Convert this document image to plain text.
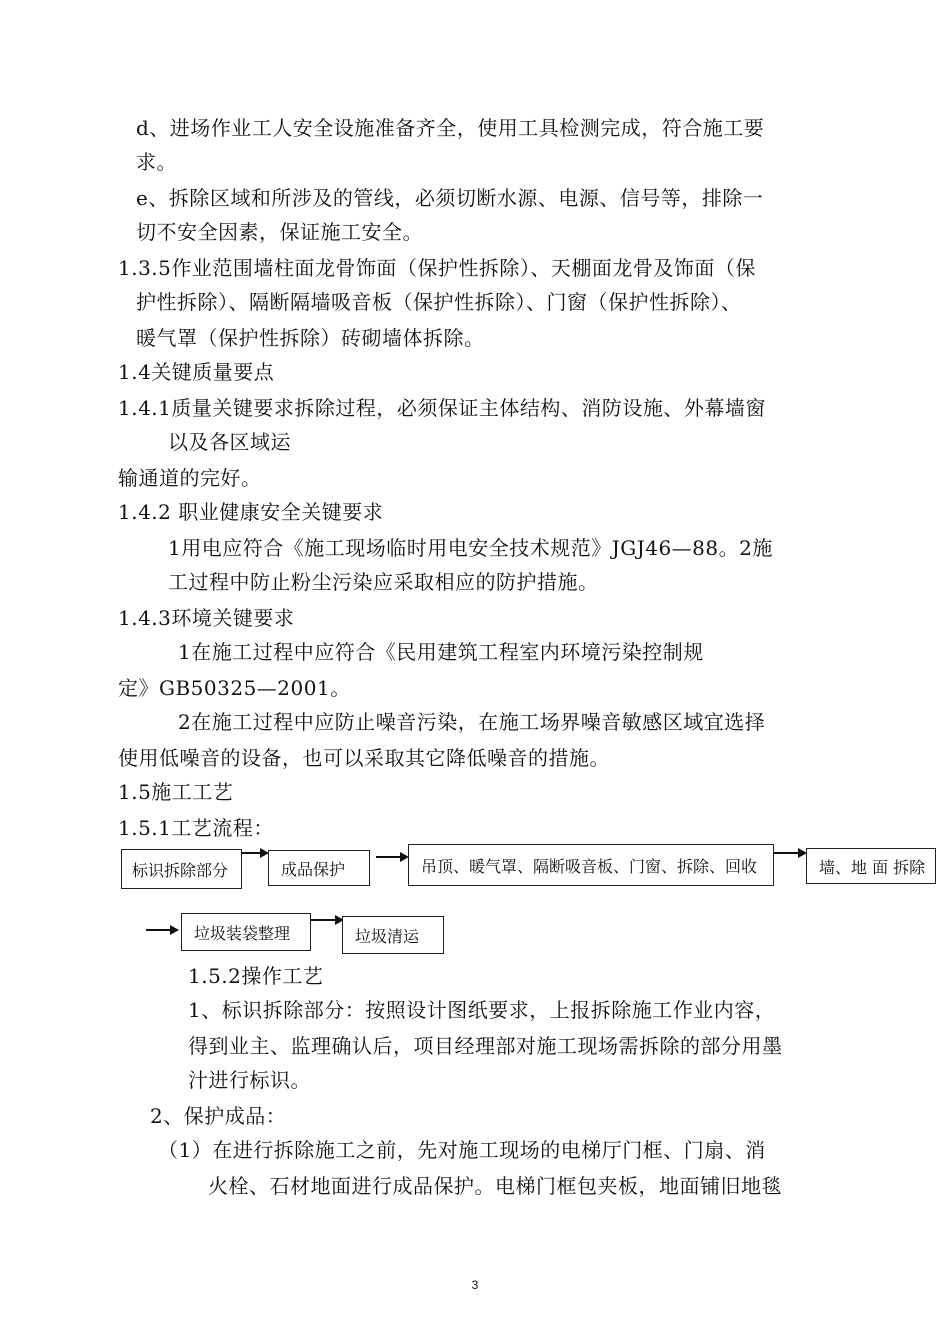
d、进场作业工人安全设施准备齐全，使用工具检测完成，符合施工要
求。
e、拆除区域和所涉及的管线，必须切断水源、电源、信号等，排除一
切不安全因素，保证施工安全。
1.3.5作业范围墙柱面龙骨饰面（保护性拆除）、天棚面龙骨及饰面（保
护性拆除）、隔断隔墙吸音板（保护性拆除）、门窗（保护性拆除）、
暖气罩（保护性拆除）砖砌墙体拆除。
1.4关键质量要点
1.4.1质量关键要求拆除过程，必须保证主体结构、消防设施、外幕墙窗
以及各区域运
输通道的完好。
1.4.2 职业健康安全关键要求
1用电应符合《施工现场临时用电安全技术规范》JGJ46—88。2施
工过程中防止粉尘污染应采取相应的防护措施。
1.4.3环境关键要求
1在施工过程中应符合《民用建筑工程室内环境污染控制规
定》GB50325—2001。
2在施工过程中应防止噪音污染，在施工场界噪音敏感区域宜选择
使用低噪音的设备，也可以采取其它降低噪音的措施。
1.5施工工艺
1.5.1工艺流程：
标识拆除部分	成品保护	吊顶、暖气罩、隔断吸音板、门窗、拆除、回收	墙、地 面 拆除
垃圾装袋整理	垃圾清运
1.5.2操作工艺
1、标识拆除部分：按照设计图纸要求，上报拆除施工作业内容，
得到业主、监理确认后，项目经理部对施工现场需拆除的部分用墨
汁进行标识。
2、保护成品：
（1）在进行拆除施工之前，先对施工现场的电梯厅门框、门扇、消
火栓、石材地面进行成品保护。电梯门框包夹板，地面铺旧地毯
3
